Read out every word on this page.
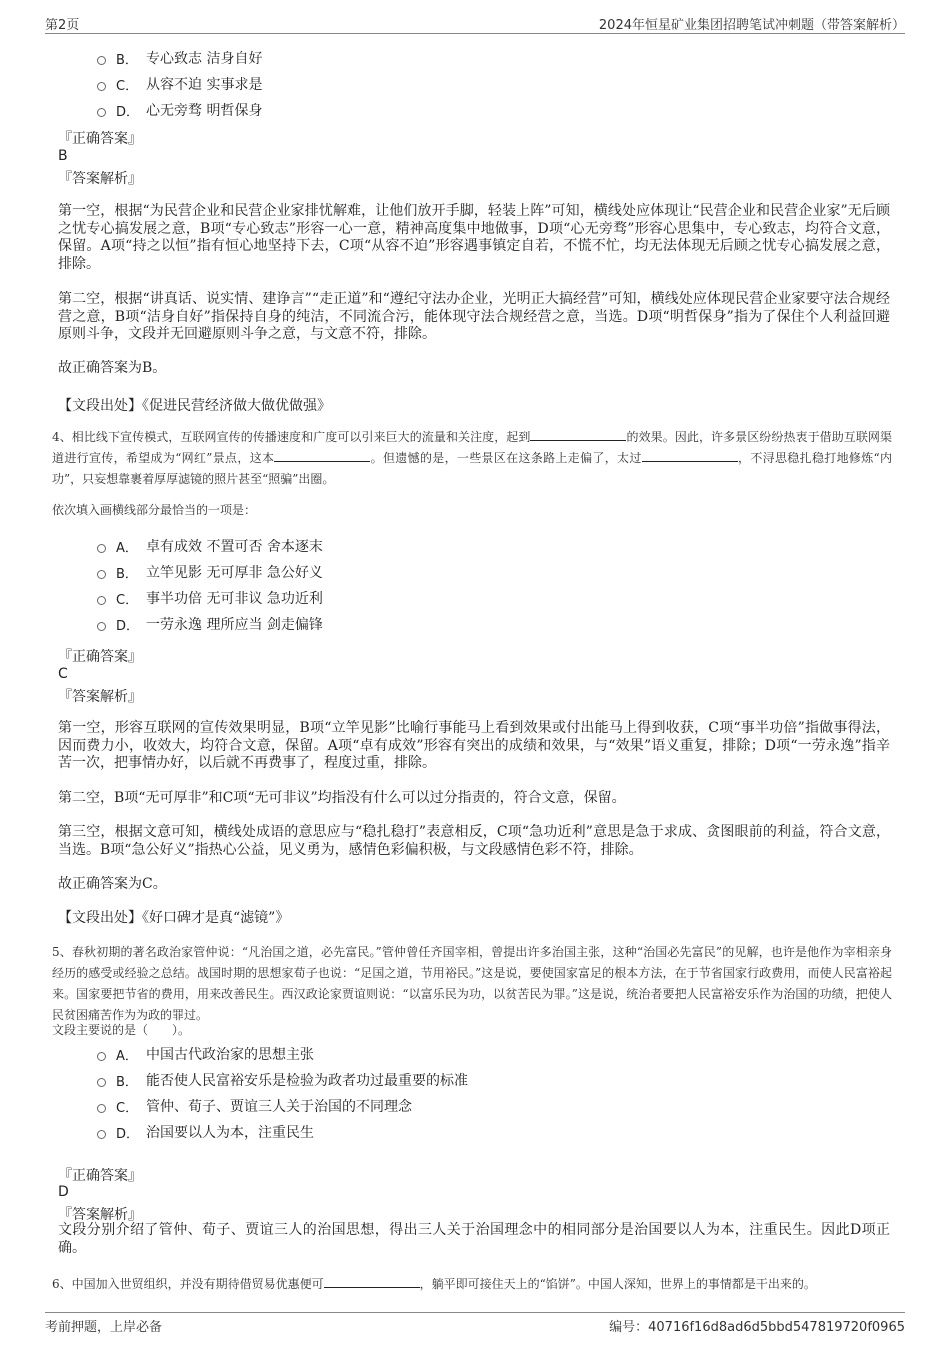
第2页	2024年恒星矿业集团招聘笔试冲刺题（带答案解析）
B． 专心致志 洁身自好
C． 从容不迫 实事求是
D． 心无旁骛 明哲保身
『正确答案』
B
『答案解析』
第一空，根据“为民营企业和民营企业家排忧解难，让他们放开手脚，轻装上阵”可知，横线处应体现让“民营企业和民营企业家”无后顾之忧专心搞发展之意，B项“专心致志”形容一心一意，精神高度集中地做事，D项“心无旁骛”形容心思集中，专心致志，均符合文意，保留。A项“持之以恒”指有恒心地坚持下去，C项“从容不迫”形容遇事镇定自若，不慌不忙，均无法体现无后顾之忧专心搞发展之意，排除。
第二空，根据“讲真话、说实情、建诤言”“走正道”和“遵纪守法办企业，光明正大搞经营”可知，横线处应体现民营企业家要守法合规经营之意，B项“洁身自好”指保持自身的纯洁，不同流合污，能体现守法合规经营之意，当选。D项“明哲保身”指为了保住个人利益回避原则斗争，文段并无回避原则斗争之意，与文意不符，排除。
故正确答案为B。
【文段出处】《促进民营经济做大做优做强》
4、相比线下宣传模式，互联网宣传的传播速度和广度可以引来巨大的流量和关注度，起到	的效果。因此，许多景区纷纷热衷于借助互联网渠道进行宣传，希望成为“网红”景点，这本	。但遗憾的是，一些景区在这条路上走偏了，太过	，不浔思稳扎稳打地修炼“内功”，只妄想靠裹着厚厚滤镜的照片甚至“照骗”出圈。
依次填入画横线部分最恰当的一项是：
A． 卓有成效 不置可否 舍本逐末
B． 立竿见影 无可厚非 急公好义
C． 事半功倍 无可非议 急功近利
D． 一劳永逸 理所应当 剑走偏锋
『正确答案』
C
『答案解析』
第一空，形容互联网的宣传效果明显，B项“立竿见影”比喻行事能马上看到效果或付出能马上得到收获，C项“事半功倍”指做事得法，因而费力小，收效大，均符合文意，保留。A项“卓有成效”形容有突出的成绩和效果，与“效果”语义重复，排除；D项“一劳永逸”指辛苦一次，把事情办好，以后就不再费事了，程度过重，排除。
第二空，B项“无可厚非”和C项“无可非议”均指没有什么可以过分指责的，符合文意，保留。
第三空，根据文意可知，横线处成语的意思应与“稳扎稳打”表意相反，C项“急功近利”意思是急于求成、贪图眼前的利益，符合文意，当选。B项“急公好义”指热心公益，见义勇为，感情色彩偏积极，与文段感情色彩不符，排除。
故正确答案为C。
【文段出处】《好口碑才是真“滤镜”》
5、春秋初期的著名政治家管仲说：“凡治国之道，必先富民。”管仲曾任齐国宰相，曾提出许多治国主张，这种“治国必先富民”的见解，也许是他作为宰相亲身经历的感受或经验之总结。战国时期的思想家荀子也说：“足国之道，节用裕民。”这是说，要使国家富足的根本方法，在于节省国家行政费用，而使人民富裕起来。国家要把节省的费用，用来改善民生。西汉政论家贾谊则说：“以富乐民为功，以贫苦民为罪。”这是说，统治者要把人民富裕安乐作为治国的功绩，把使人民贫困痛苦作为为政的罪过。
文段主要说的是（　　）。
A． 中国古代政治家的思想主张
B． 能否使人民富裕安乐是检验为政者功过最重要的标准
C． 管仲、荀子、贾谊三人关于治国的不同理念
D． 治国要以人为本，注重民生
『正确答案』
D
『答案解析』
文段分别介绍了管仲、荀子、贾谊三人的治国思想，得出三人关于治国理念中的相同部分是治国要以人为本，注重民生。因此D项正确。
6、中国加入世贸组织，并没有期待借贸易优惠便可	，躺平即可接住天上的“馅饼”。中国人深知，世界上的事情都是干出来的。
考前押题，上岸必备	编号：40716f16d8ad6d5bbd547819720f0965
